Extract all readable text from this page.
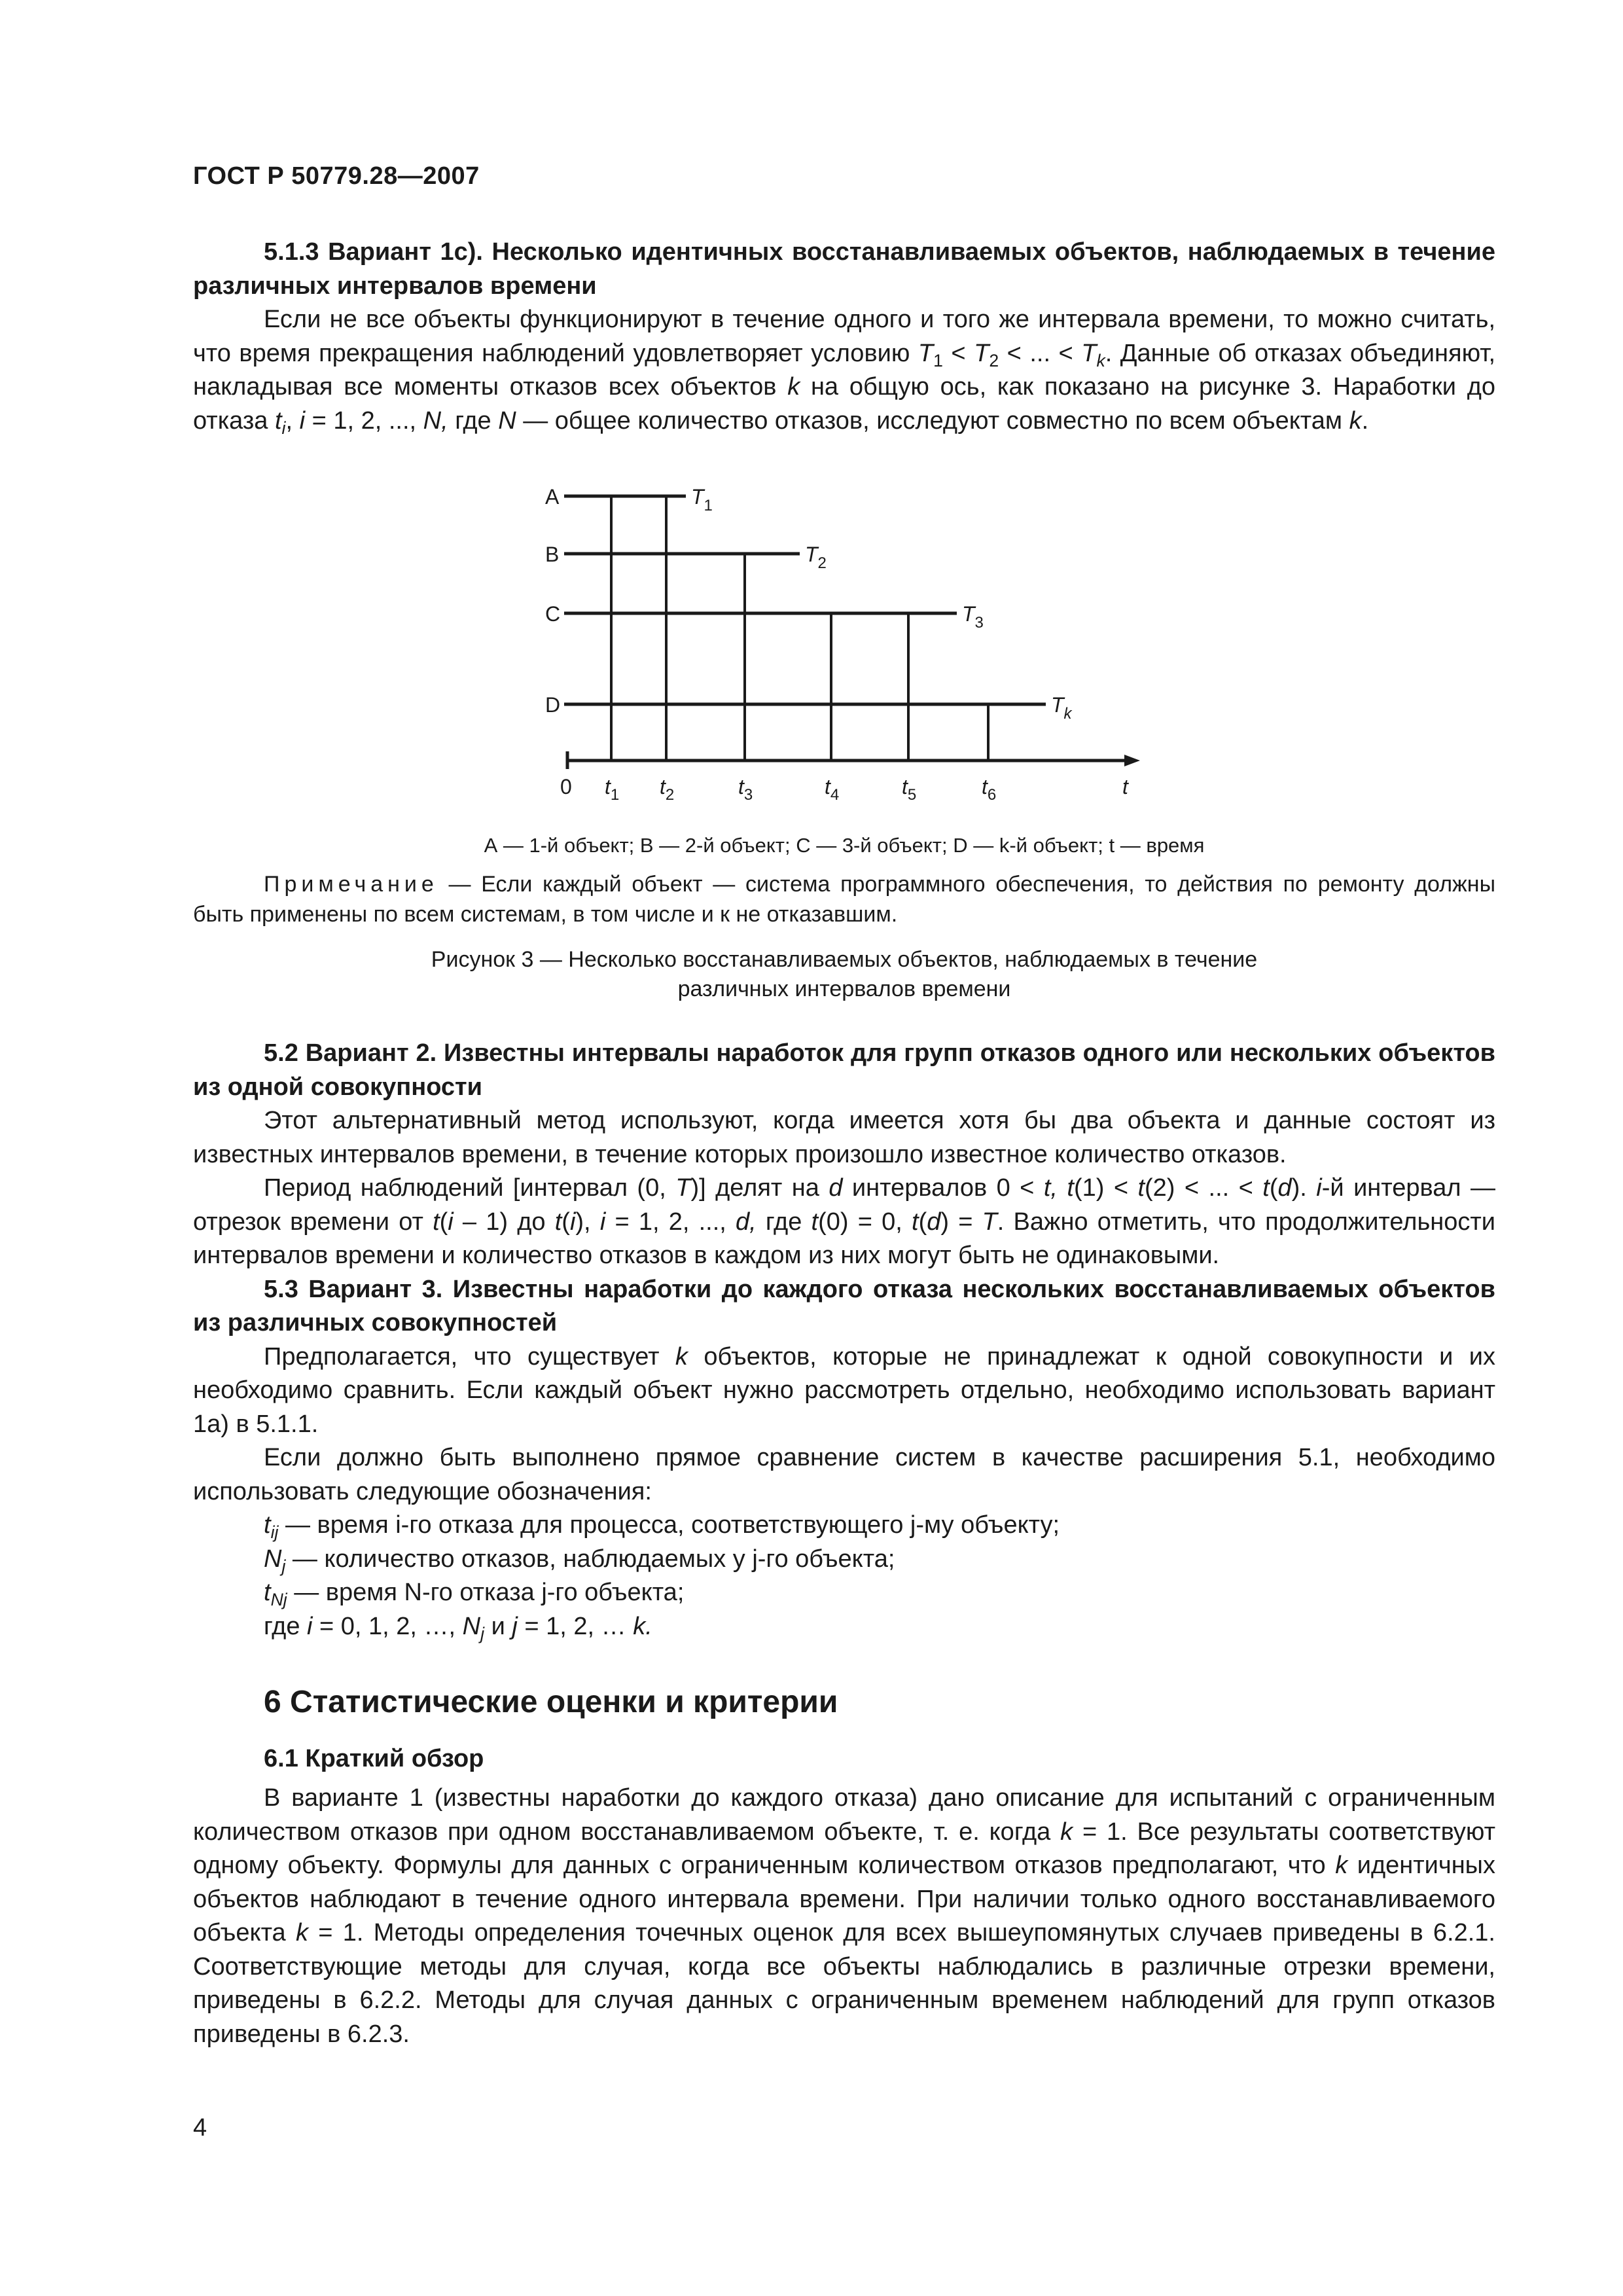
ГОСТ Р 50779.28—2007

5.1.3 Вариант 1с). Несколько идентичных восстанавливаемых объектов, наблюдаемых в течение различных интервалов времени

Если не все объекты функционируют в течение одного и того же интервала времени, то можно считать, что время прекращения наблюдений удовлетворяет условию $T_1 < T_2$ < ... < $T_k$. Данные об отказах объединяют, накладывая все моменты отказов всех объектов k на общую ось, как показано на рисунке 3. Наработки до отказа $t_i$, i = 1, 2, ..., N, где N — общее количество отказов, исследуют совместно по всем объектам k.

A
B
C
D
$T_1$
$T_2$
$T_3$
$T_k$
0 $t_1$ $t_2$	$t_3$	$t_4$	$t_5$	$t_6$	t
А — 1-й объект; В — 2-й объект; С — 3-й объект; D — k-й объект; t — время

Примечание — Если каждый объект — система программного обеспечения, то действия по ремонту должны быть применены по всем системам, в том числе и к не отказавшим.

Рисунок 3 — Несколько восстанавливаемых объектов, наблюдаемых в течение
различных интервалов времени

5.2 Вариант 2. Известны интервалы наработок для групп отказов одного или нескольких объектов из одной совокупности

Этот альтернативный метод используют, когда имеется хотя бы два объекта и данные состоят из известных интервалов времени, в течение которых произошло известное количество отказов.

Период наблюдений [интервал (0, T)] делят на d интервалов 0 < t, t(1) < t(2) < ... < t(d). i-й интервал — отрезок времени от t(i – 1) до t(i), i = 1, 2, ..., d, где t(0) = 0, t(d) = T. Важно отметить, что продолжительности интервалов времени и количество отказов в каждом из них могут быть не одинаковыми.

5.3 Вариант 3. Известны наработки до каждого отказа нескольких восстанавливаемых объектов из различных совокупностей

Предполагается, что существует k объектов, которые не принадлежат к одной совокупности и их необходимо сравнить. Если каждый объект нужно рассмотреть отдельно, необходимо использовать вариант 1а) в 5.1.1.

Если должно быть выполнено прямое сравнение систем в качестве расширения 5.1, необходимо использовать следующие обозначения:

$t_{ij}$ — время i-го отказа для процесса, соответствующего j-му объекту;

$N_j$ — количество отказов, наблюдаемых у j-го объекта;

$t_{Nj}$ — время N-го отказа j-го объекта;

где i = 0, 1, 2, …, $N_j$ и j = 1, 2, … k.

6 Статистические оценки и критерии
6.1 Краткий обзор

В варианте 1 (известны наработки до каждого отказа) дано описание для испытаний с ограниченным количеством отказов при одном восстанавливаемом объекте, т. е. когда k = 1. Все результаты соответствуют одному объекту. Формулы для данных с ограниченным количеством отказов предполагают, что k идентичных объектов наблюдают в течение одного интервала времени. При наличии только одного восстанавливаемого объекта k = 1. Методы определения точечных оценок для всех вышеупомянутых случаев приведены в 6.2.1. Соответствующие методы для случая, когда все объекты наблюдались в различные отрезки времени, приведены в 6.2.2. Методы для случая данных с ограниченным временем наблюдений для групп отказов приведены в 6.2.3.

4
